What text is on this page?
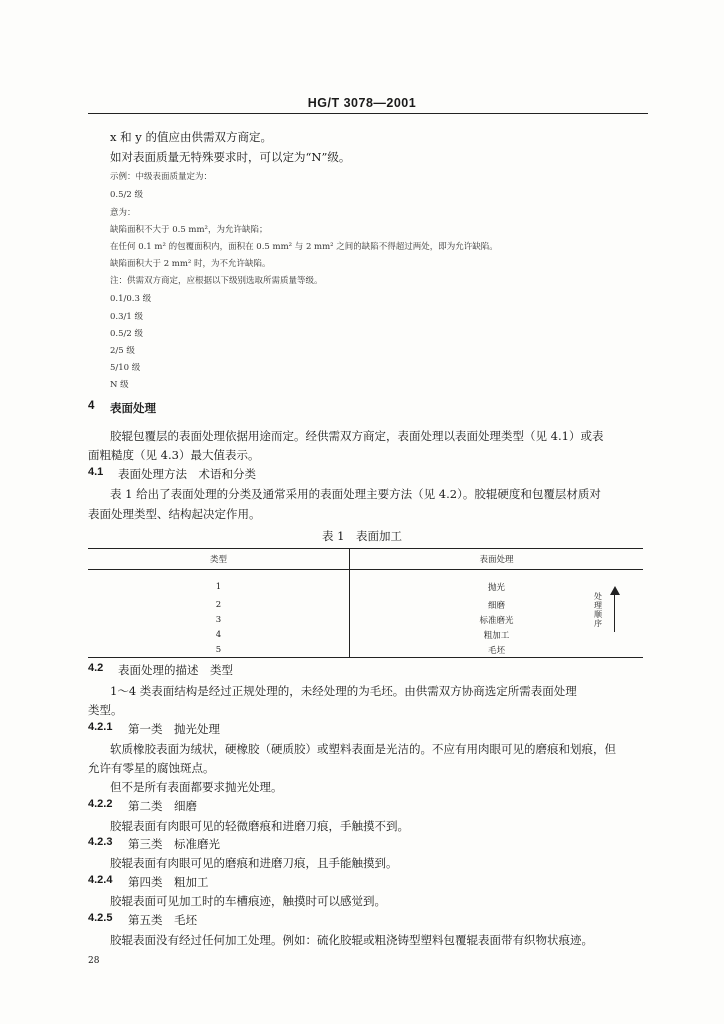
HG/T 3078—2001
x 和 y 的值应由供需双方商定。
如对表面质量无特殊要求时，可以定为“N”级。
示例：中级表面质量定为：
0.5/2 级
意为：
缺陷面积不大于 0.5 mm²，为允许缺陷；
在任何 0.1 m² 的包覆面积内，面积在 0.5 mm² 与 2 mm² 之间的缺陷不得超过两处，即为允许缺陷。
缺陷面积大于 2 mm² 时，为不允许缺陷。
注：供需双方商定，应根据以下级别选取所需质量等级。
0.1/0.3 级
0.3/1 级
0.5/2 级
2/5 级
5/10 级
N 级
4 表面处理
胶辊包覆层的表面处理依据用途而定。经供需双方商定，表面处理以表面处理类型（见 4.1）或表
面粗糙度（见 4.3）最大值表示。
4.1 表面处理方法　术语和分类
表 1 给出了表面处理的分类及通常采用的表面处理主要方法（见 4.2）。胶辊硬度和包覆层材质对
表面处理类型、结构起决定作用。
表 1　表面加工
类型	表面处理
1	抛光
2	细磨
3	标准磨光
4	粗加工
5	毛坯
处理顺序
4.2 表面处理的描述　类型
1～4 类表面结构是经过正规处理的，未经处理的为毛坯。由供需双方协商选定所需表面处理
类型。
4.2.1 第一类　抛光处理
软质橡胶表面为绒状，硬橡胶（硬质胶）或塑料表面是光洁的。不应有用肉眼可见的磨痕和划痕，但
允许有零星的腐蚀斑点。
但不是所有表面都要求抛光处理。
4.2.2 第二类　细磨
胶辊表面有肉眼可见的轻微磨痕和进磨刀痕，手触摸不到。
4.2.3 第三类　标准磨光
胶辊表面有肉眼可见的磨痕和进磨刀痕，且手能触摸到。
4.2.4 第四类　粗加工
胶辊表面可见加工时的车槽痕迹，触摸时可以感觉到。
4.2.5 第五类　毛坯
胶辊表面没有经过任何加工处理。例如：硫化胶辊或粗浇铸型塑料包覆辊表面带有织物状痕迹。
28
